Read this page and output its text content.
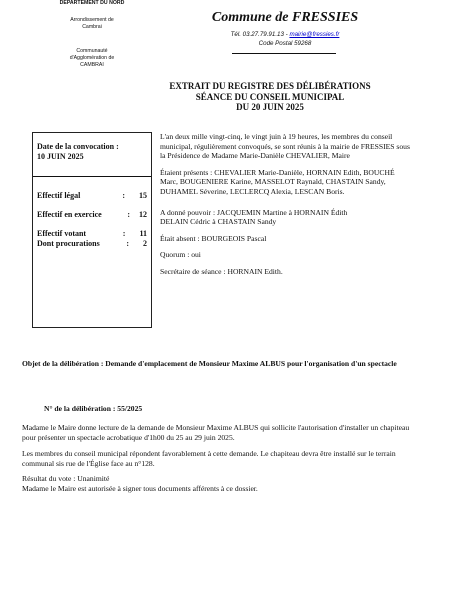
DEPARTEMENT DU NORD
Arrondissement de
Cambrai
Communauté
d'Agglomération de
CAMBRAI
Commune de FRESSIES
Tél. 03.27.79.91.13 - mairie@fressies.fr
Code Postal 59268
EXTRAIT DU REGISTRE DES DÉLIBÉRATIONS
SÉANCE DU CONSEIL MUNICIPAL
DU 20 JUIN 2025
Date de la convocation :
10 JUIN 2025
Effectif légal	: 15
Effectif en exercice	: 12
Effectif votant	: 11
Dont procurations	: 2

L'an deux mille vingt-cinq, le vingt juin à 19 heures, les membres du conseil municipal, régulièrement convoqués, se sont réunis à la mairie de FRESSIES sous la Présidence de Madame Marie-Danièle CHEVALIER, Maire

Étaient présents : CHEVALIER Marie-Danièle, HORNAIN Edith, BOUCHÉ Marc, BOUGENIERE Karine, MASSELOT Raynald, CHASTAIN Sandy, DUHAMEL Séverine, LECLERCQ Alexia, LESCAN Boris.

A donné pouvoir : JACQUEMIN Martine à HORNAIN Édith

DELAIN Cédric à CHASTAIN Sandy

Était absent : BOURGEOIS Pascal

Quorum : oui

Secrétaire de séance : HORNAIN Edith.

Objet de la délibération : Demande d'emplacement de Monsieur Maxime ALBUS pour l'organisation d'un spectacle
N° de la délibération : 55/2025

Madame le Maire donne lecture de la demande de Monsieur Maxime ALBUS qui sollicite l'autorisation d'installer un chapiteau pour présenter un spectacle acrobatique d'1h00 du 25 au 29 juin 2025.

Les membres du conseil municipal répondent favorablement à cette demande. Le chapiteau devra être installé sur le terrain communal sis rue de l'Église face au n°128.

Résultat du vote : Unanimité
Madame le Maire est autorisée à signer tous documents afférents à ce dossier.
